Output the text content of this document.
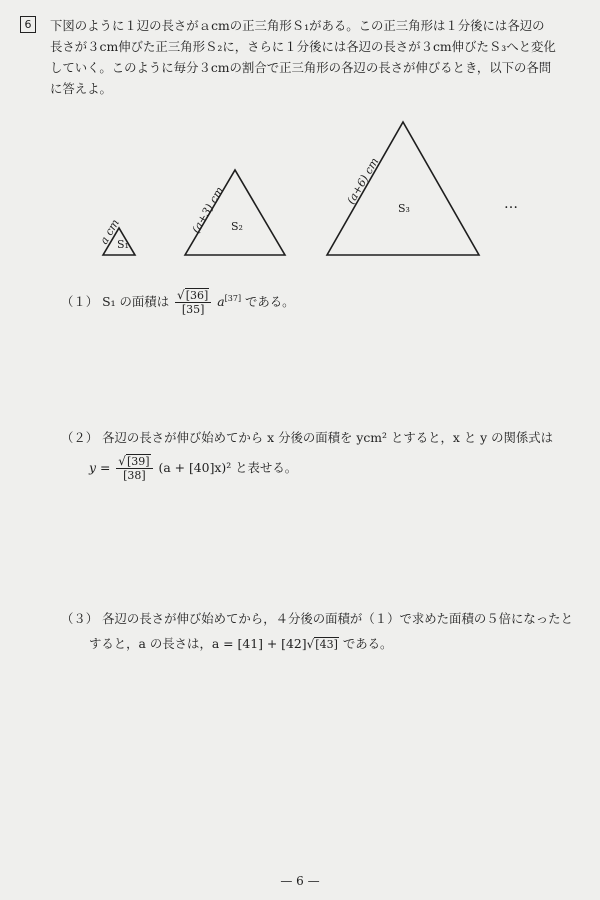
6	下図のように１辺の長さがａcmの正三角形Ｓ₁がある。この正三角形は１分後には各辺の
長さが３cm伸びた正三角形Ｓ₂に，さらに１分後には各辺の長さが３cm伸びたＳ₃へと変化
していく。このように毎分３cmの割合で正三角形の各辺の長さが伸びるとき，以下の各問
に答えよ。
S₁
a cm	S₂
(a+3) cm	S₃
(a+6) cm	…
（１） S₁ の面積は $\frac{√[36]}{[35]} a[37]$ である。
（２） 各辺の長さが伸び始めてから x 分後の面積を ycm² とすると，x と y の関係式は
$y = \frac{√[39]}{[38]} (a + [40]x)^2$ と表せる。
（３） 各辺の長さが伸び始めてから，４分後の面積が（１）で求めた面積の５倍になったと
すると，a の長さは，a = [41] + [42]√[43] である。
— 6 —
